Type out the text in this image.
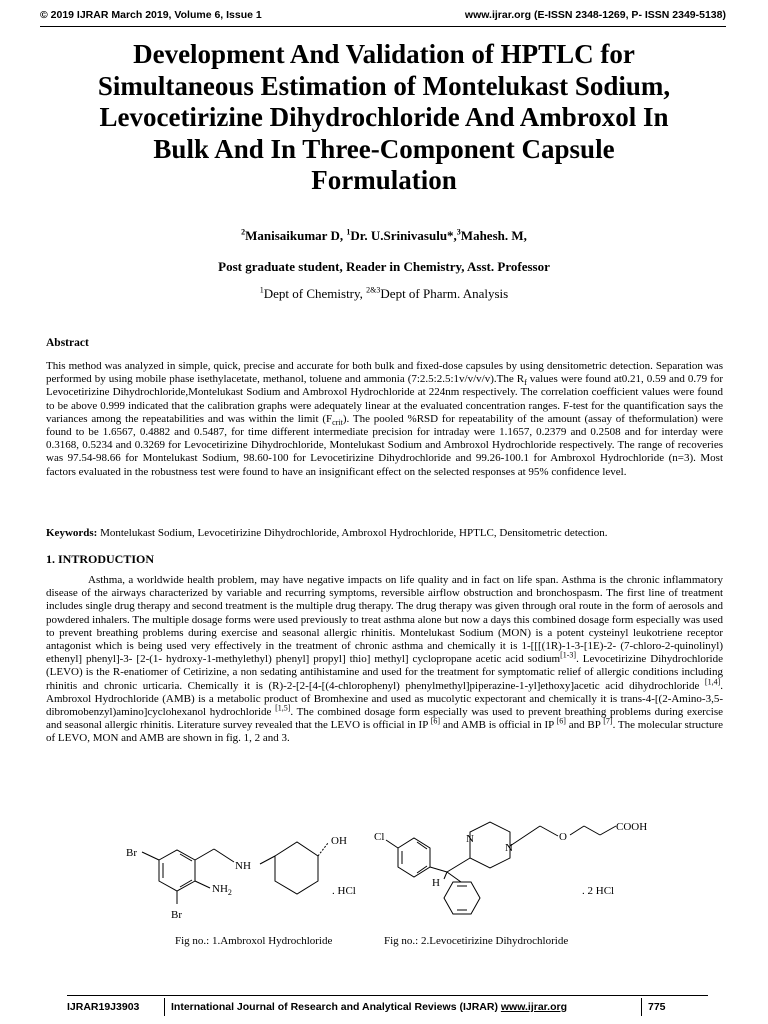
© 2019 IJRAR March 2019, Volume 6, Issue 1	www.ijrar.org (E-ISSN 2348-1269, P- ISSN 2349-5138)
Development And Validation of HPTLC for
Simultaneous Estimation of Montelukast Sodium,
Levocetirizine Dihydrochloride And Ambroxol In
Bulk And In Three-Component Capsule
Formulation
$^2$Manisaikumar D, $^1$Dr. U.Srinivasulu*,$^3$Mahesh. M,
Post graduate student, Reader in Chemistry, Asst. Professor
$^1$Dept of Chemistry, $^{2\&3}$Dept of Pharm. Analysis
Abstract
This method was analyzed in simple, quick, precise and accurate for both bulk and fixed-dose capsules by using densitometric detection. Separation was performed by using mobile phase isethylacetate, methanol, toluene and ammonia (7:2.5:2.5:1v/v/v/v).The $R_f$ values were found at0.21, 0.59 and 0.79 for Levocetirizine Dihydrochloride,Montelukast Sodium and Ambroxol Hydrochloride at 224nm respectively. The correlation coefficient values were found to be above 0.999 indicated that the calibration graphs were adequately linear at the evaluated concentration ranges. F-test for the quantification says the variances among the repeatabilities and was within the limit $(F_{crit})$. The pooled %RSD for repeatability of the amount (assay of theformulation) were found to be 1.6567, 0.4882 and 0.5487, for time different intermediate precision for intraday were 1.1657, 0.2379 and 0.2508 and for interday were 0.3168, 0.5234 and 0.3269 for Levocetirizine Dihydrochloride, Montelukast Sodium and Ambroxol Hydrochloride respectively. The range of recoveries was 97.54-98.66 for Montelukast Sodium, 98.60-100 for Levocetirizine Dihydrochloride and 99.26-100.1 for Ambroxol Hydrochloride (n=3). Most factors evaluated in the robustness test were found to have an insignificant effect on the selected responses at 95% confidence level.
Keywords: Montelukast Sodium, Levocetirizine Dihydrochloride, Ambroxol Hydrochloride, HPTLC, Densitometric detection.
1. INTRODUCTION
Asthma, a worldwide health problem, may have negative impacts on life quality and in fact on life span. Asthma is the chronic inflammatory disease of the airways characterized by variable and recurring symptoms, reversible airflow obstruction and bronchospasm. The first line of treatment includes single drug therapy and second treatment is the multiple drug therapy. The drug therapy was given through oral route in the form of aerosols and powdered inhalers. The multiple dosage forms were used previously to treat asthma alone but now a days this combined dosage form especially was used to prevent breathing problems during exercise and seasonal allergic rhinitis. Montelukast Sodium (MON) is a potent cysteinyl leukotriene receptor antagonist which is being used very effectively in the treatment of chronic asthma and chemically it is 1-[[[(1R)-1-3-[1E)-2- (7-chloro-2-quinolinyl) ethenyl] phenyl]-3- [2-(1- hydroxy-1-methylethyl) phenyl] propyl] thio] methyl] cyclopropane acetic acid sodium[1-3]. Levocetirizine Dihydrochloride (LEVO) is the R-enatiomer of Cetirizine, a non sedating antihistamine and used for the treatment for symptomatic relief of allergic conditions including rhinitis and chronic urticaria. Chemically it is (R)-2-[2-[4-[(4-chlorophenyl) phenylmethyl]piperazine-1-yl]ethoxy]acetic acid dihydrochloride [1,4]. Ambroxol Hydrochloride (AMB) is a metabolic product of Bromhexine and used as mucolytic expectorant and chemically it is trans-4-[(2-Amino-3,5-dibromobenzyl)amino]cyclohexanol hydrochloride [1,5]. The combined dosage form especially was used to prevent breathing problems during exercise and seasonal allergic rhinitis. Literature survey revealed that the LEVO is official in IP [6] and AMB is official in IP [6] and BP [7]. The molecular structure of LEVO, MON and AMB are shown in fig. 1, 2 and 3.
Br
NH
OH
$NH_2$
Br
. HCl
Cl	N
N
O
COOH
H
. 2 HCl
Fig no.: 1.Ambroxol Hydrochloride	Fig no.: 2.Levocetirizine Dihydrochloride
IJRAR19J3903	International Journal of Research and Analytical Reviews (IJRAR) www.ijrar.org	775
